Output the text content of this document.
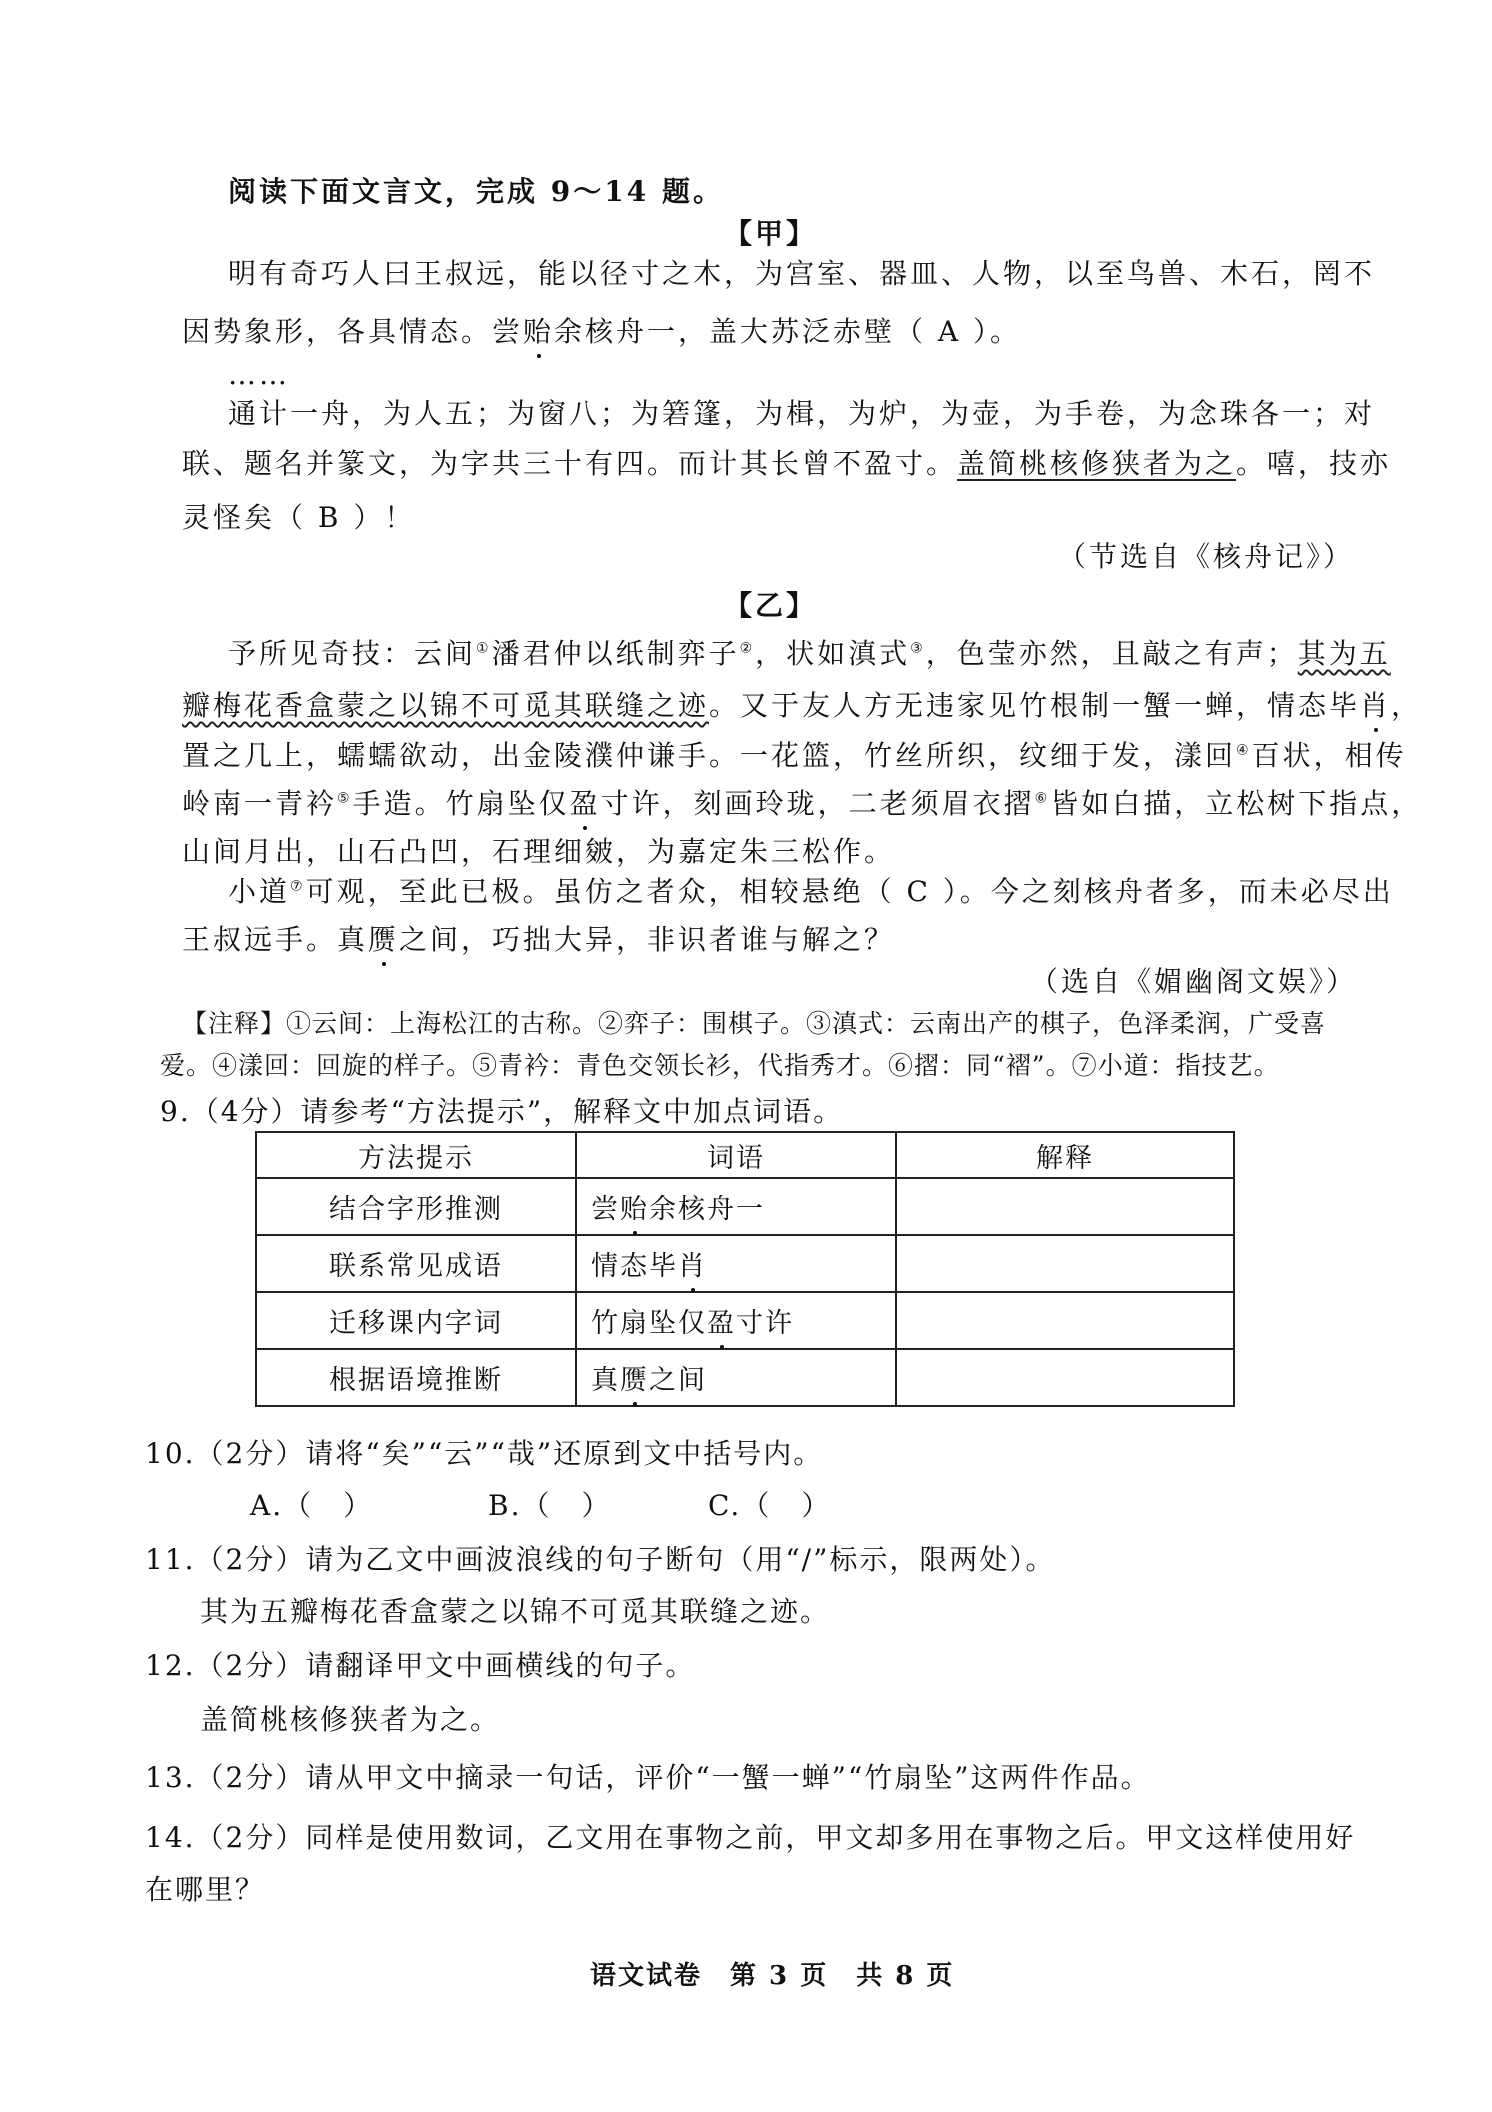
阅读下面文言文，完成 9～14 题。
【甲】
明有奇巧人曰王叔远，能以径寸之木，为宫室、器皿、人物，以至鸟兽、木石，罔不
因势象形，各具情态。尝贻余核舟一，盖大苏泛赤壁（ A ）。
……
通计一舟，为人五；为窗八；为箬篷，为楫，为炉，为壶，为手卷，为念珠各一；对
联、题名并篆文，为字共三十有四。而计其长曾不盈寸。盖简桃核修狭者为之。嘻，技亦
灵怪矣（ B ）！
（节选自《核舟记》）
【乙】
予所见奇技：云间①潘君仲以纸制弈子②，状如滇式③，色莹亦然，且敲之有声；其为五
瓣梅花香盒蒙之以锦不可觅其联缝之迹。又于友人方无违家见竹根制一蟹一蝉，情态毕肖，
置之几上，蠕蠕欲动，出金陵濮仲谦手。一花篮，竹丝所织，纹细于发，漾回④百状，相传
岭南一青衿⑤手造。竹扇坠仅盈寸许，刻画玲珑，二老须眉衣摺⑥皆如白描，立松树下指点，
山间月出，山石凸凹，石理细皴，为嘉定朱三松作。
小道⑦可观，至此已极。虽仿之者众，相较悬绝（ C ）。今之刻核舟者多，而未必尽出
王叔远手。真赝之间，巧拙大异，非识者谁与解之？
（选自《媚幽阁文娱》）
【注释】①云间：上海松江的古称。②弈子：围棋子。③滇式：云南出产的棋子，色泽柔润，广受喜
爱。④漾回：回旋的样子。⑤青衿：青色交领长衫，代指秀才。⑥摺：同“褶”。⑦小道：指技艺。
9.（4分）请参考“方法提示”，解释文中加点词语。
方法提示	词语	解释
结合字形推测	尝贻余核舟一	
联系常见成语	情态毕肖	
迁移课内字词	竹扇坠仅盈寸许	
根据语境推断	真赝之间	
10.（2分）请将“矣”“云”“哉”还原到文中括号内。
A.（　）	B.（　）	C.（　）
11.（2分）请为乙文中画波浪线的句子断句（用“/”标示，限两处）。
其为五瓣梅花香盒蒙之以锦不可觅其联缝之迹。
12.（2分）请翻译甲文中画横线的句子。
盖简桃核修狭者为之。
13.（2分）请从甲文中摘录一句话，评价“一蟹一蝉”“竹扇坠”这两件作品。
14.（2分）同样是使用数词，乙文用在事物之前，甲文却多用在事物之后。甲文这样使用好
在哪里？
语文试卷　第 3 页　共 8 页
